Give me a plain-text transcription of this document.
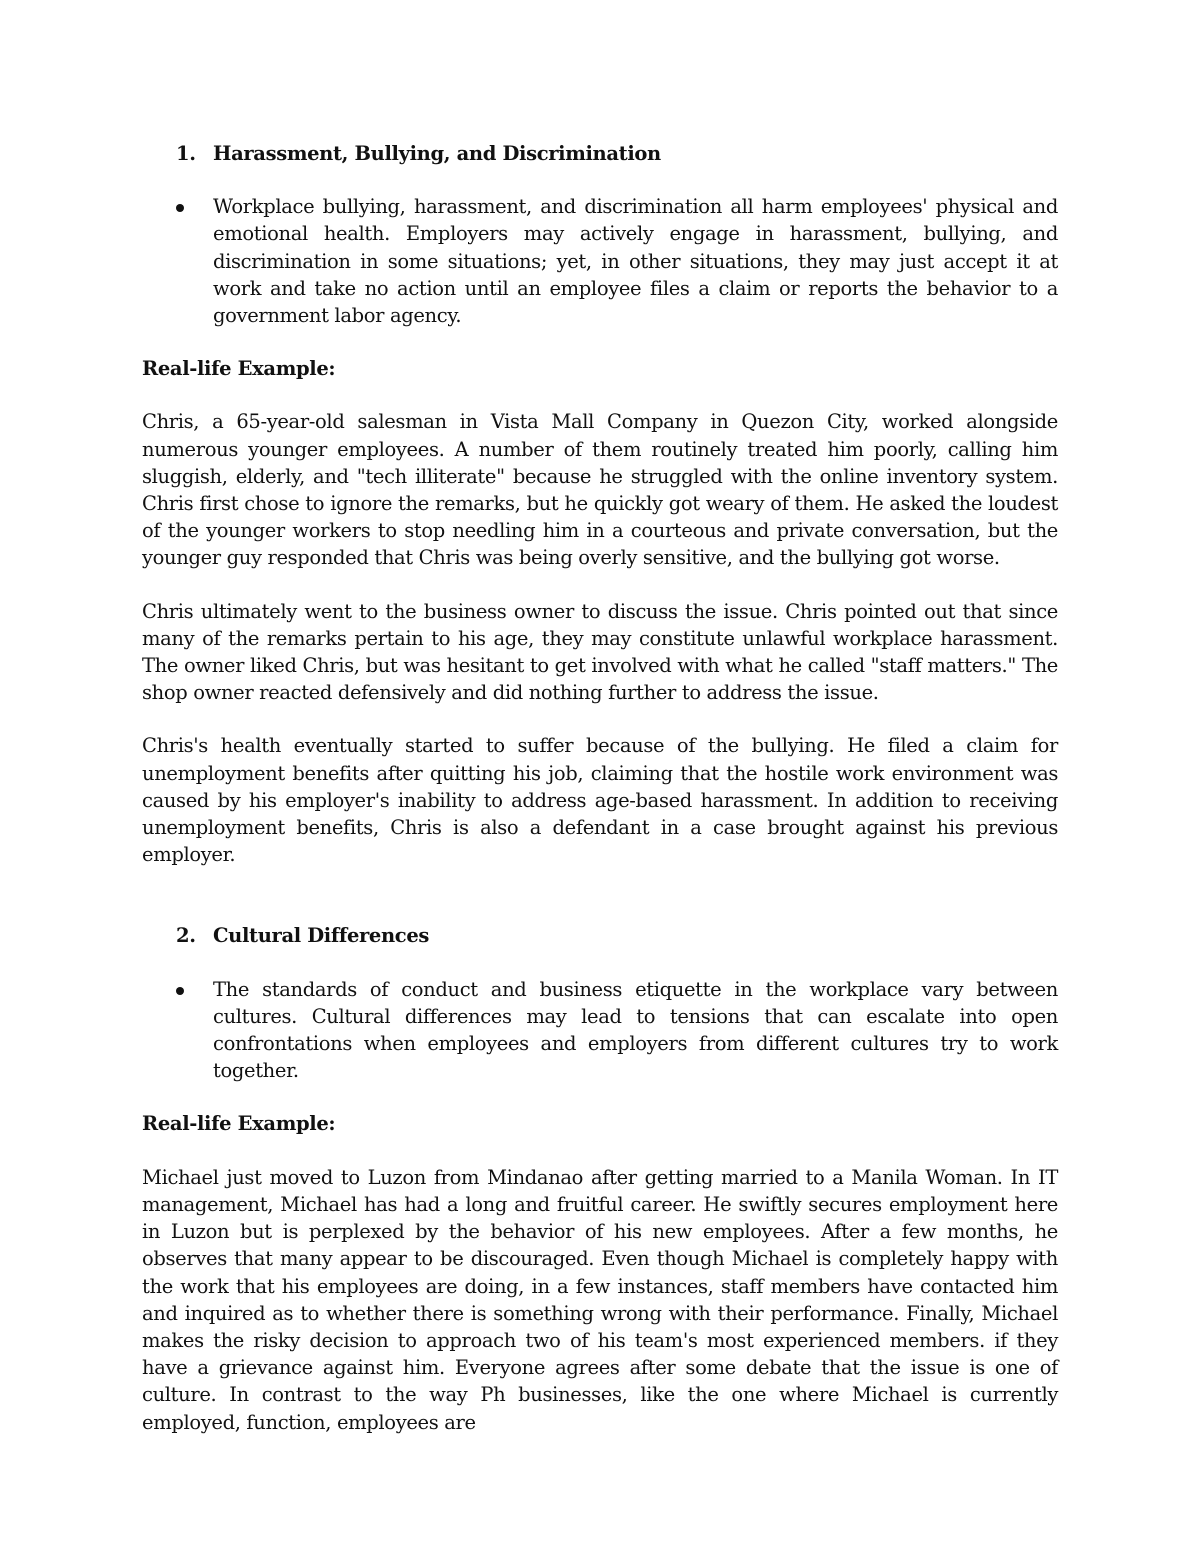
1. Harassment, Bullying, and Discrimination

Workplace bullying, harassment, and discrimination all harm employees' physical and emotional health. Employers may actively engage in harassment, bullying, and discrimination in some situations; yet, in other situations, they may just accept it at work and take no action until an employee files a claim or reports the behavior to a government labor agency.

Real-life Example:

Chris, a 65-year-old salesman in Vista Mall Company in Quezon City, worked alongside numerous younger employees. A number of them routinely treated him poorly, calling him sluggish, elderly, and "tech illiterate" because he struggled with the online inventory system. Chris first chose to ignore the remarks, but he quickly got weary of them. He asked the loudest of the younger workers to stop needling him in a courteous and private conversation, but the younger guy responded that Chris was being overly sensitive, and the bullying got worse.

Chris ultimately went to the business owner to discuss the issue. Chris pointed out that since many of the remarks pertain to his age, they may constitute unlawful workplace harassment. The owner liked Chris, but was hesitant to get involved with what he called "staff matters." The shop owner reacted defensively and did nothing further to address the issue.

Chris's health eventually started to suffer because of the bullying. He filed a claim for unemployment benefits after quitting his job, claiming that the hostile work environment was caused by his employer's inability to address age-based harassment. In addition to receiving unemployment benefits, Chris is also a defendant in a case brought against his previous employer.

2. Cultural Differences

The standards of conduct and business etiquette in the workplace vary between cultures. Cultural differences may lead to tensions that can escalate into open confrontations when employees and employers from different cultures try to work together.

Real-life Example:

Michael just moved to Luzon from Mindanao after getting married to a Manila Woman. In IT management, Michael has had a long and fruitful career. He swiftly secures employment here in Luzon but is perplexed by the behavior of his new employees. After a few months, he observes that many appear to be discouraged. Even though Michael is completely happy with the work that his employees are doing, in a few instances, staff members have contacted him and inquired as to whether there is something wrong with their performance. Finally, Michael makes the risky decision to approach two of his team's most experienced members. if they have a grievance against him. Everyone agrees after some debate that the issue is one of culture. In contrast to the way Ph businesses, like the one where Michael is currently employed, function, employees are
